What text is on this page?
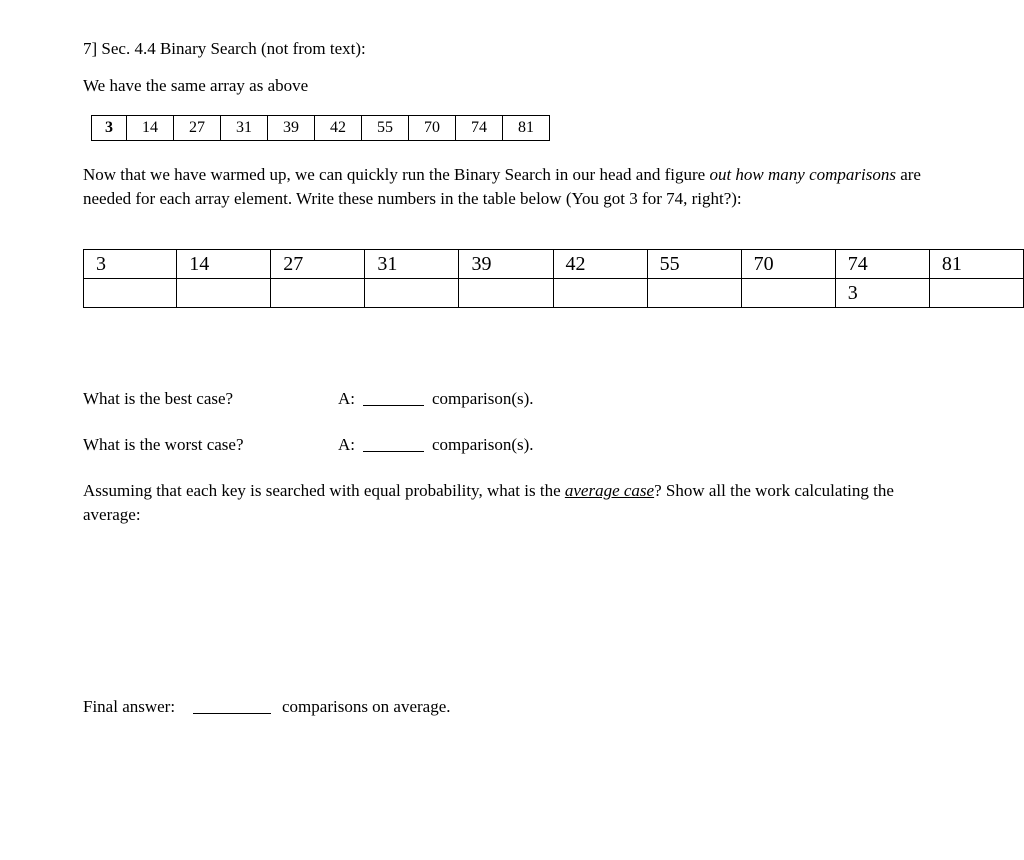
7] Sec. 4.4 Binary Search (not from text):
We have the same array as above
3	14	27	31	39	42	55	70	74	81
Now that we have warmed up, we can quickly run the Binary Search in our head and figure out how many comparisons are needed for each array element. Write these numbers in the table below (You got 3 for 74, right?):
3	14	27	31	39	42	55	70	74	81
								3	
What is the best case?	A:	comparison(s).
What is the worst case?	A:	comparison(s).
Assuming that each key is searched with equal probability, what is the average case? Show all the work calculating the average:
Final answer:	comparisons on average.
